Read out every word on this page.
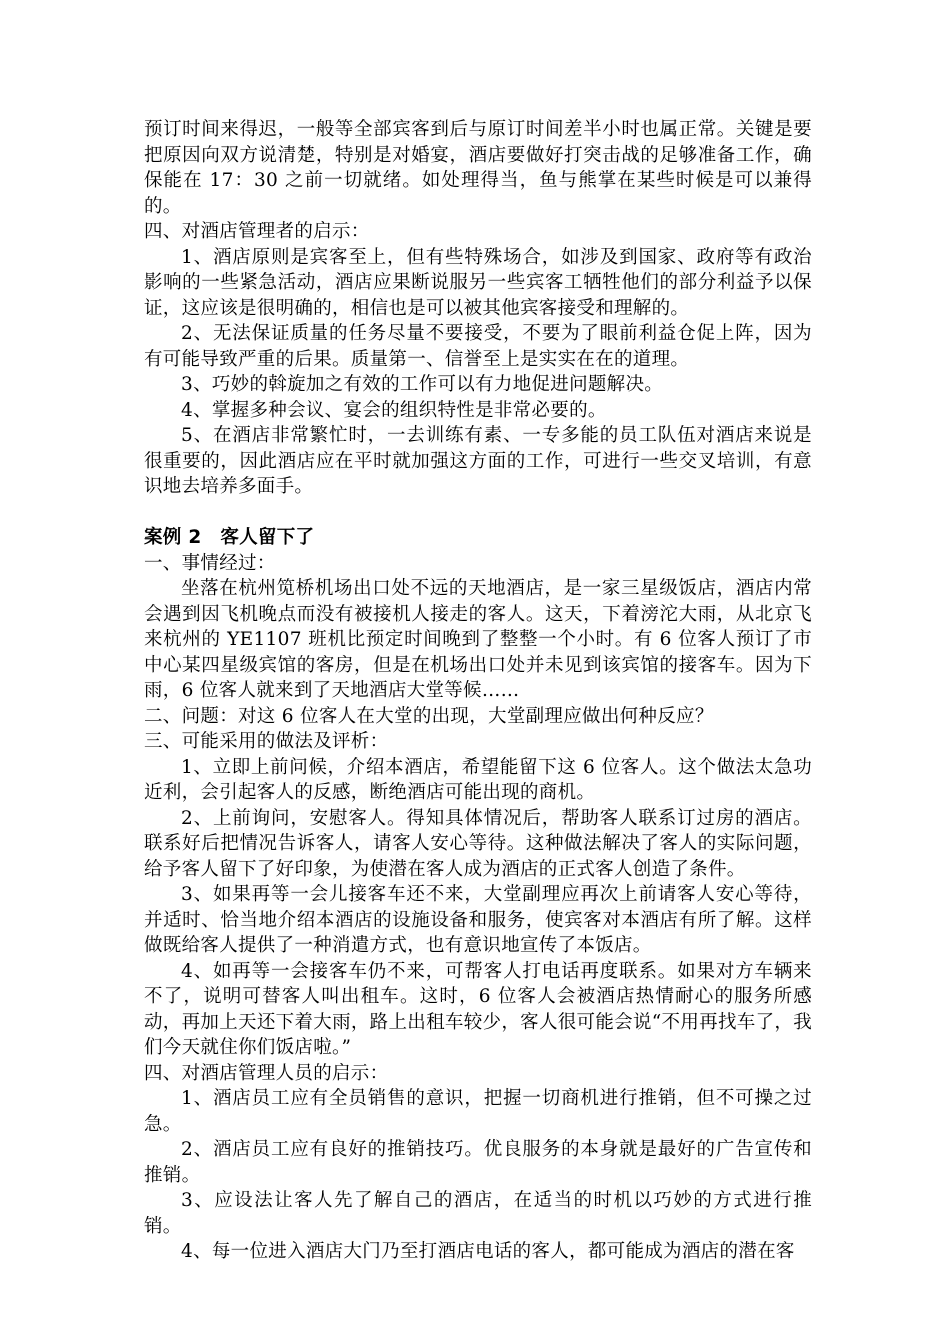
预订时间来得迟，一般等全部宾客到后与原订时间差半小时也属正常。关键是要把原因向双方说清楚，特别是对婚宴，酒店要做好打突击战的足够准备工作，确保能在 17：30 之前一切就绪。如处理得当，鱼与熊掌在某些时候是可以兼得的。

四、对酒店管理者的启示：

1、酒店原则是宾客至上，但有些特殊场合，如涉及到国家、政府等有政治影响的一些紧急活动，酒店应果断说服另一些宾客工牺牲他们的部分利益予以保证，这应该是很明确的，相信也是可以被其他宾客接受和理解的。

2、无法保证质量的任务尽量不要接受，不要为了眼前利益仓促上阵，因为有可能导致严重的后果。质量第一、信誉至上是实实在在的道理。

3、巧妙的斡旋加之有效的工作可以有力地促进问题解决。

4、掌握多种会议、宴会的组织特性是非常必要的。

5、在酒店非常繁忙时，一去训练有素、一专多能的员工队伍对酒店来说是很重要的，因此酒店应在平时就加强这方面的工作，可进行一些交叉培训，有意识地去培养多面手。

案例 2　客人留下了

一、事情经过：

坐落在杭州笕桥机场出口处不远的天地酒店，是一家三星级饭店，酒店内常会遇到因飞机晚点而没有被接机人接走的客人。这天，下着滂沱大雨，从北京飞来杭州的 YE1107 班机比预定时间晚到了整整一个小时。有 6 位客人预订了市中心某四星级宾馆的客房，但是在机场出口处并未见到该宾馆的接客车。因为下雨，6 位客人就来到了天地酒店大堂等候……

二、问题：对这 6 位客人在大堂的出现，大堂副理应做出何种反应？

三、可能采用的做法及评析：

1、立即上前问候，介绍本酒店，希望能留下这 6 位客人。这个做法太急功近利，会引起客人的反感，断绝酒店可能出现的商机。

2、上前询问，安慰客人。得知具体情况后，帮助客人联系订过房的酒店。联系好后把情况告诉客人，请客人安心等待。这种做法解决了客人的实际问题，给予客人留下了好印象，为使潜在客人成为酒店的正式客人创造了条件。

3、如果再等一会儿接客车还不来，大堂副理应再次上前请客人安心等待，并适时、恰当地介绍本酒店的设施设备和服务，使宾客对本酒店有所了解。这样做既给客人提供了一种消遣方式，也有意识地宣传了本饭店。

4、如再等一会接客车仍不来，可帮客人打电话再度联系。如果对方车辆来不了，说明可替客人叫出租车。这时，6 位客人会被酒店热情耐心的服务所感动，再加上天还下着大雨，路上出租车较少，客人很可能会说“不用再找车了，我们今天就住你们饭店啦。”

四、对酒店管理人员的启示：

1、酒店员工应有全员销售的意识，把握一切商机进行推销，但不可操之过急。

2、酒店员工应有良好的推销技巧。优良服务的本身就是最好的广告宣传和推销。

3、应设法让客人先了解自己的酒店，在适当的时机以巧妙的方式进行推销。

4、每一位进入酒店大门乃至打酒店电话的客人，都可能成为酒店的潜在客
